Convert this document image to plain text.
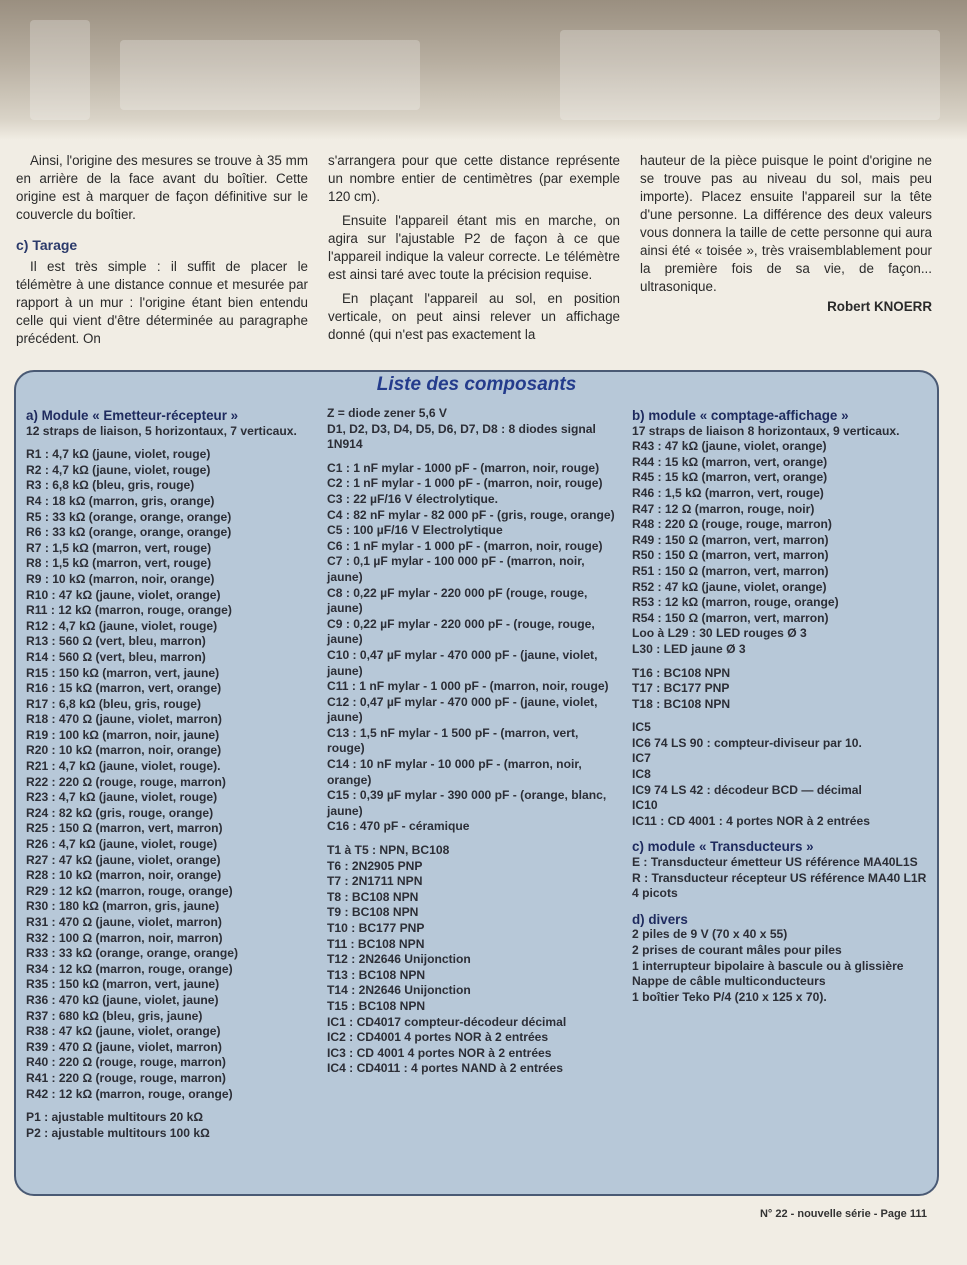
Ainsi, l'origine des mesures se trouve à 35 mm en arrière de la face avant du boîtier. Cette origine est à marquer de façon définitive sur le couvercle du boîtier.

c) Tarage

Il est très simple : il suffit de placer le télémètre à une distance connue et mesurée par rapport à un mur : l'origine étant bien entendu celle qui vient d'être déterminée au paragraphe précédent. On

s'arrangera pour que cette distance représente un nombre entier de centimètres (par exemple 120 cm).

Ensuite l'appareil étant mis en marche, on agira sur l'ajustable P2 de façon à ce que l'appareil indique la valeur correcte. Le télémètre est ainsi taré avec toute la précision requise.

En plaçant l'appareil au sol, en position verticale, on peut ainsi relever un affichage donné (qui n'est pas exactement la

hauteur de la pièce puisque le point d'origine ne se trouve pas au niveau du sol, mais peu importe). Placez ensuite l'appareil sur la tête d'une personne. La différence des deux valeurs vous donnera la taille de cette personne qui aura ainsi été « toisée », très vraisemblablement pour la première fois de sa vie, de façon... ultrasonique.

Robert KNOERR
Liste des composants
a) Module « Emetteur-récepteur »
12 straps de liaison, 5 horizontaux, 7 verticaux.
R1 : 4,7 kΩ (jaune, violet, rouge)
R2 : 4,7 kΩ (jaune, violet, rouge)
R3 : 6,8 kΩ (bleu, gris, rouge)
R4 : 18 kΩ (marron, gris, orange)
R5 : 33 kΩ (orange, orange, orange)
R6 : 33 kΩ (orange, orange, orange)
R7 : 1,5 kΩ (marron, vert, rouge)
R8 : 1,5 kΩ (marron, vert, rouge)
R9 : 10 kΩ (marron, noir, orange)
R10 : 47 kΩ (jaune, violet, orange)
R11 : 12 kΩ (marron, rouge, orange)
R12 : 4,7 kΩ (jaune, violet, rouge)
R13 : 560 Ω (vert, bleu, marron)
R14 : 560 Ω (vert, bleu, marron)
R15 : 150 kΩ (marron, vert, jaune)
R16 : 15 kΩ (marron, vert, orange)
R17 : 6,8 kΩ (bleu, gris, rouge)
R18 : 470 Ω (jaune, violet, marron)
R19 : 100 kΩ (marron, noir, jaune)
R20 : 10 kΩ (marron, noir, orange)
R21 : 4,7 kΩ (jaune, violet, rouge).
R22 : 220 Ω (rouge, rouge, marron)
R23 : 4,7 kΩ (jaune, violet, rouge)
R24 : 82 kΩ (gris, rouge, orange)
R25 : 150 Ω (marron, vert, marron)
R26 : 4,7 kΩ (jaune, violet, rouge)
R27 : 47 kΩ (jaune, violet, orange)
R28 : 10 kΩ (marron, noir, orange)
R29 : 12 kΩ (marron, rouge, orange)
R30 : 180 kΩ (marron, gris, jaune)
R31 : 470 Ω (jaune, violet, marron)
R32 : 100 Ω (marron, noir, marron)
R33 : 33 kΩ (orange, orange, orange)
R34 : 12 kΩ (marron, rouge, orange)
R35 : 150 kΩ (marron, vert, jaune)
R36 : 470 kΩ (jaune, violet, jaune)
R37 : 680 kΩ (bleu, gris, jaune)
R38 : 47 kΩ (jaune, violet, orange)
R39 : 470 Ω (jaune, violet, marron)
R40 : 220 Ω (rouge, rouge, marron)
R41 : 220 Ω (rouge, rouge, marron)
R42 : 12 kΩ (marron, rouge, orange)
P1 : ajustable multitours 20 kΩ
P2 : ajustable multitours 100 kΩ
Z = diode zener 5,6 V
D1, D2, D3, D4, D5, D6, D7, D8 : 8 diodes signal 1N914
C1 : 1 nF mylar - 1000 pF - (marron, noir, rouge)
C2 : 1 nF mylar - 1 000 pF - (marron, noir, rouge)
C3 : 22 µF/16 V électrolytique.
C4 : 82 nF mylar - 82 000 pF - (gris, rouge, orange)
C5 : 100 µF/16 V Electrolytique
C6 : 1 nF mylar - 1 000 pF - (marron, noir, rouge)
C7 : 0,1 µF mylar - 100 000 pF - (marron, noir, jaune)
C8 : 0,22 µF mylar - 220 000 pF (rouge, rouge, jaune)
C9 : 0,22 µF mylar - 220 000 pF - (rouge, rouge, jaune)
C10 : 0,47 µF mylar - 470 000 pF - (jaune, violet, jaune)
C11 : 1 nF mylar - 1 000 pF - (marron, noir, rouge)
C12 : 0,47 µF mylar - 470 000 pF - (jaune, violet, jaune)
C13 : 1,5 nF mylar - 1 500 pF - (marron, vert, rouge)
C14 : 10 nF mylar - 10 000 pF - (marron, noir, orange)
C15 : 0,39 µF mylar - 390 000 pF - (orange, blanc, jaune)
C16 : 470 pF - céramique
T1 à T5 : NPN, BC108
T6 : 2N2905 PNP
T7 : 2N1711 NPN
T8 : BC108 NPN
T9 : BC108 NPN
T10 : BC177 PNP
T11 : BC108 NPN
T12 : 2N2646 Unijonction
T13 : BC108 NPN
T14 : 2N2646 Unijonction
T15 : BC108 NPN
IC1 : CD4017 compteur-décodeur décimal
IC2 : CD4001 4 portes NOR à 2 entrées
IC3 : CD 4001 4 portes NOR à 2 entrées
IC4 : CD4011 : 4 portes NAND à 2 entrées
b) module « comptage-affichage »
17 straps de liaison 8 horizontaux, 9 verticaux.
R43 : 47 kΩ (jaune, violet, orange)
R44 : 15 kΩ (marron, vert, orange)
R45 : 15 kΩ (marron, vert, orange)
R46 : 1,5 kΩ (marron, vert, rouge)
R47 : 12 Ω (marron, rouge, noir)
R48 : 220 Ω (rouge, rouge, marron)
R49 : 150 Ω (marron, vert, marron)
R50 : 150 Ω (marron, vert, marron)
R51 : 150 Ω (marron, vert, marron)
R52 : 47 kΩ (jaune, violet, orange)
R53 : 12 kΩ (marron, rouge, orange)
R54 : 150 Ω (marron, vert, marron)
Loo à L29 : 30 LED rouges Ø 3
L30 : LED jaune Ø 3
T16 : BC108 NPN
T17 : BC177 PNP
T18 : BC108 NPN
IC5
IC6 74 LS 90 : compteur-diviseur par 10.
IC7
IC8
IC9 74 LS 42 : décodeur BCD — décimal
IC10
IC11 : CD 4001 : 4 portes NOR à 2 entrées
c) module « Transducteurs »
E : Transducteur émetteur US référence MA40L1S
R : Transducteur récepteur US référence MA40 L1R
4 picots
d) divers
2 piles de 9 V (70 x 40 x 55)
2 prises de courant mâles pour piles
1 interrupteur bipolaire à bascule ou à glissière
Nappe de câble multiconducteurs
1 boîtier Teko P/4 (210 x 125 x 70).
N° 22 - nouvelle série - Page 111
